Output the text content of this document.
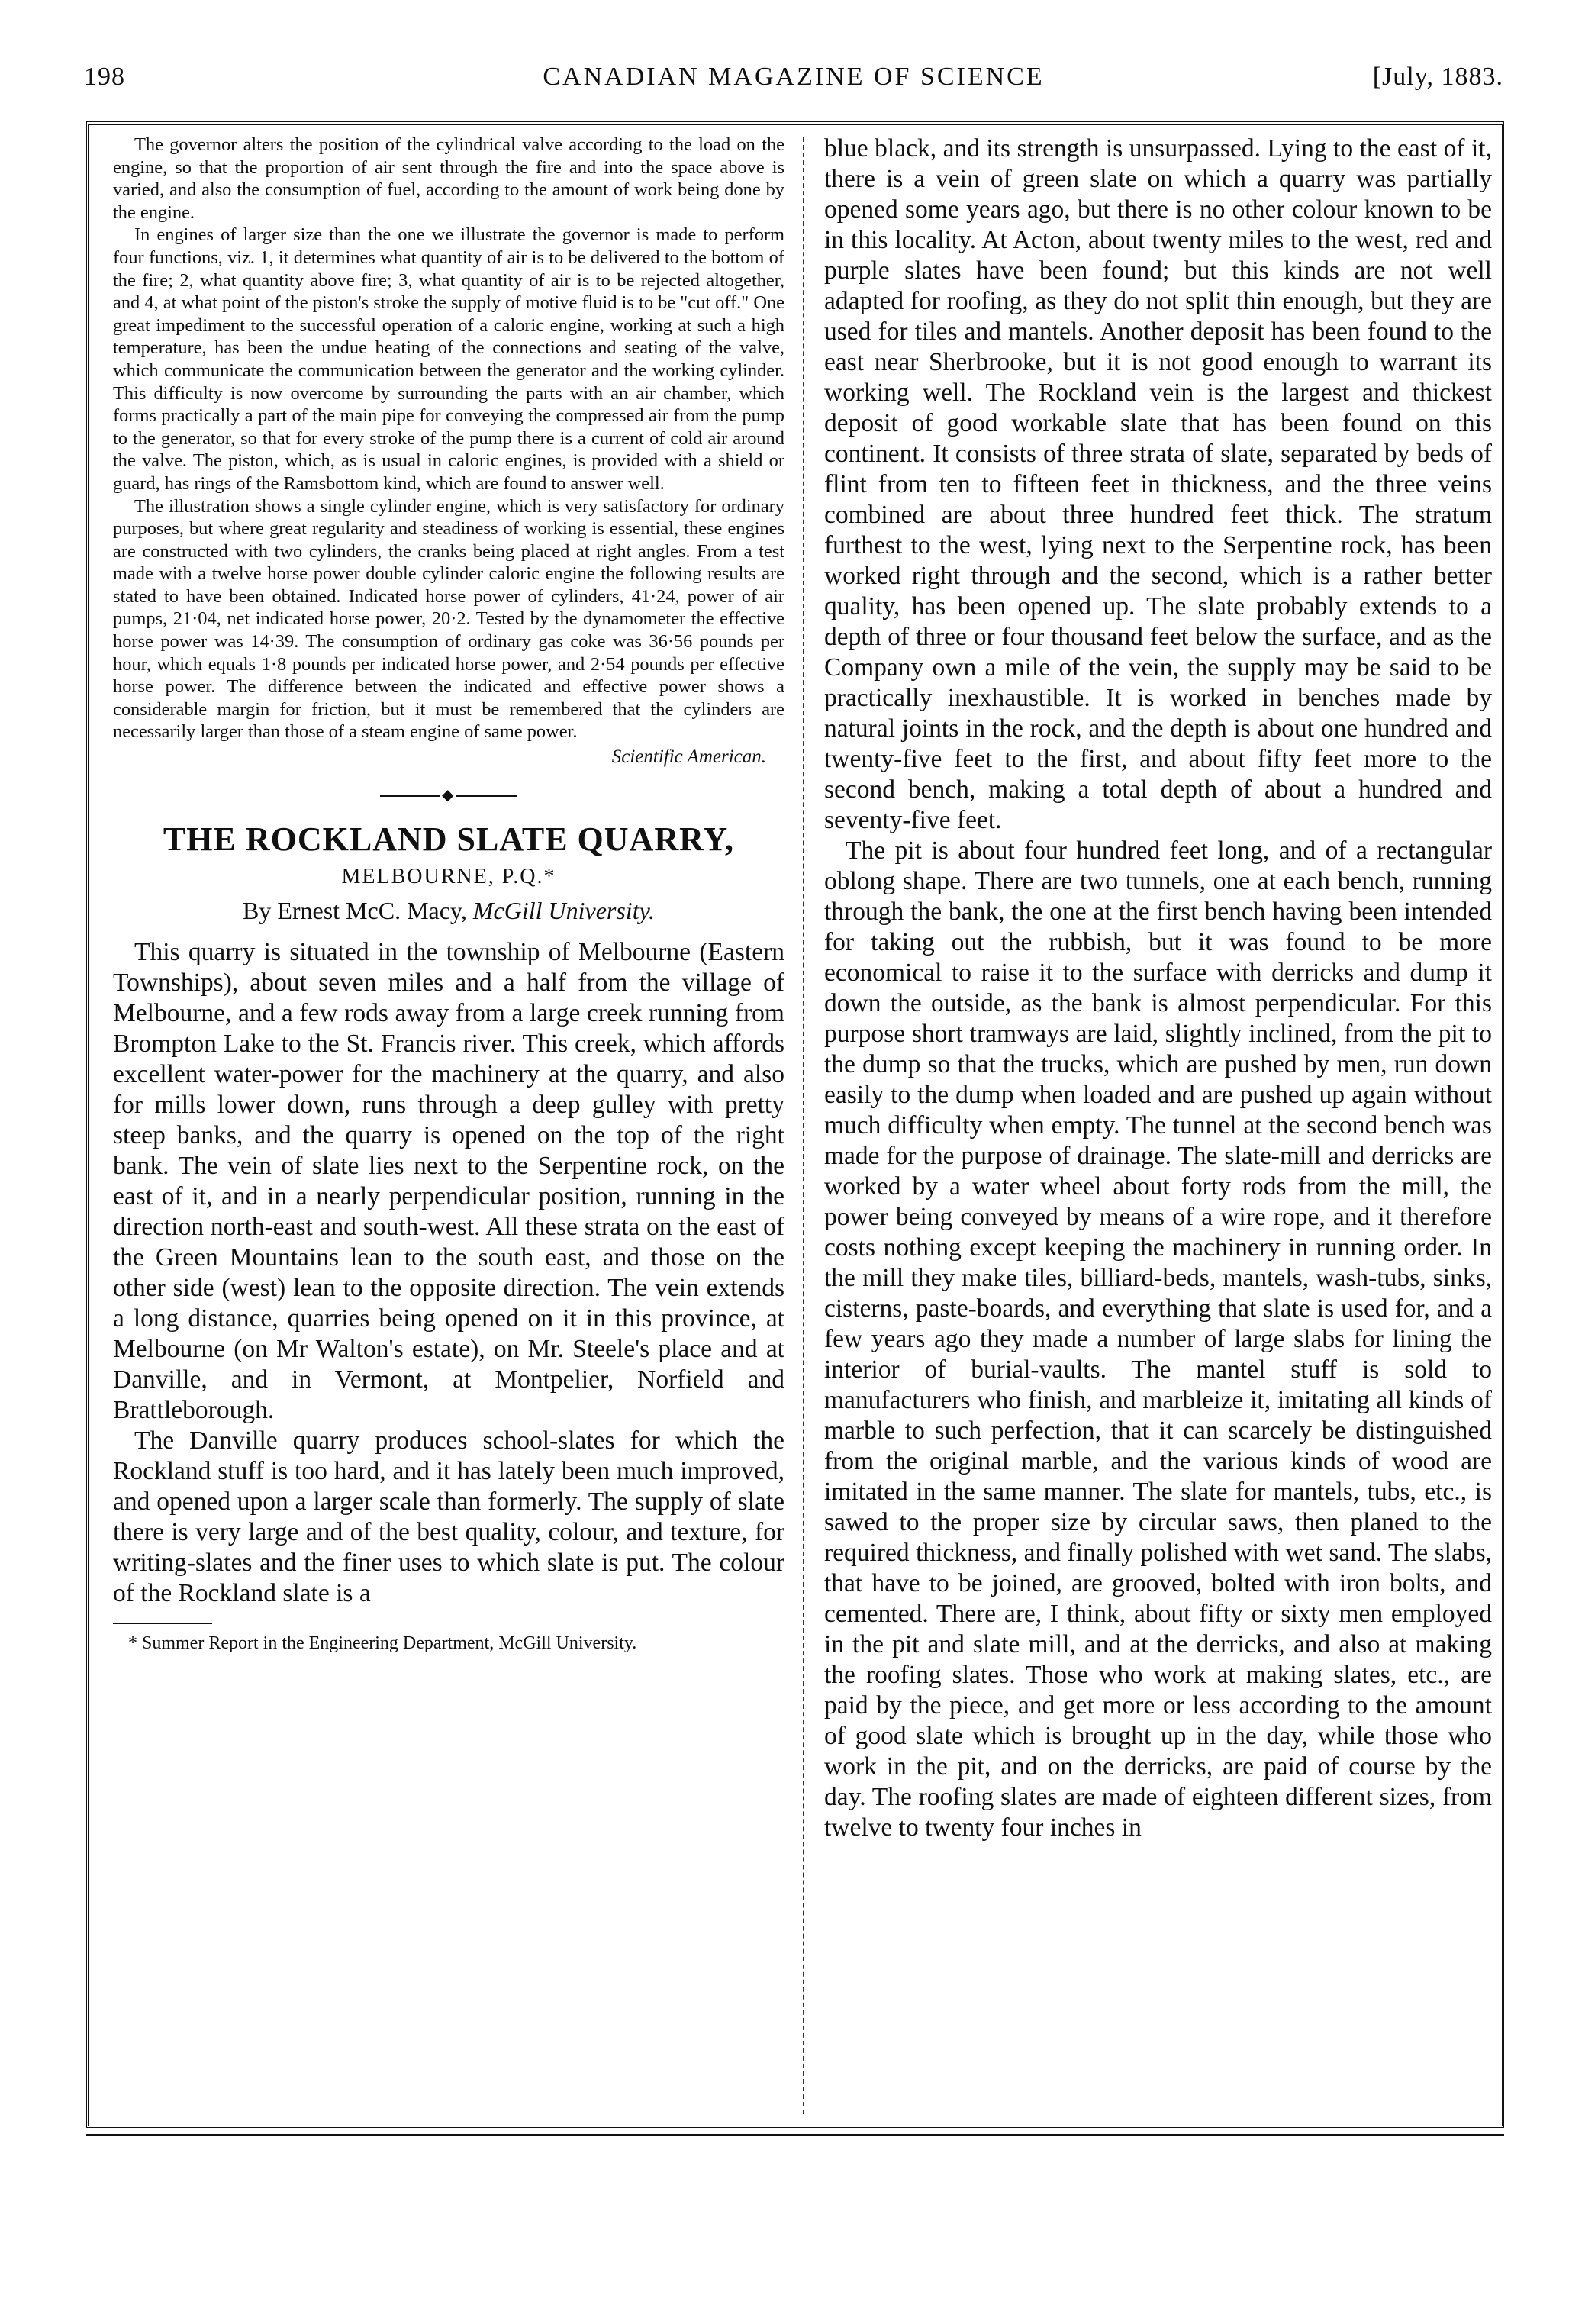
198	CANADIAN MAGAZINE OF SCIENCE	[July, 1883.

The governor alters the position of the cylindrical valve according to the load on the engine, so that the proportion of air sent through the fire and into the space above is varied, and also the consumption of fuel, according to the amount of work being done by the engine.

In engines of larger size than the one we illustrate the governor is made to perform four functions, viz. 1, it determines what quantity of air is to be delivered to the bottom of the fire; 2, what quantity above fire; 3, what quantity of air is to be rejected altogether, and 4, at what point of the piston's stroke the supply of motive fluid is to be "cut off." One great impediment to the successful operation of a caloric engine, working at such a high temperature, has been the undue heating of the connections and seating of the valve, which communicate the communication between the generator and the working cylinder. This difficulty is now overcome by surrounding the parts with an air chamber, which forms practically a part of the main pipe for conveying the compressed air from the pump to the generator, so that for every stroke of the pump there is a current of cold air around the valve. The piston, which, as is usual in caloric engines, is provided with a shield or guard, has rings of the Ramsbottom kind, which are found to answer well.

The illustration shows a single cylinder engine, which is very satisfactory for ordinary purposes, but where great regularity and steadiness of working is essential, these engines are constructed with two cylinders, the cranks being placed at right angles. From a test made with a twelve horse power double cylinder caloric engine the following results are stated to have been obtained. Indicated horse power of cylinders, 41·24, power of air pumps, 21·04, net indicated horse power, 20·2. Tested by the dynamometer the effective horse power was 14·39. The consumption of ordinary gas coke was 36·56 pounds per hour, which equals 1·8 pounds per indicated horse power, and 2·54 pounds per effective horse power. The difference between the indicated and effective power shows a considerable margin for friction, but it must be remembered that the cylinders are necessarily larger than those of a steam engine of same power.

Scientific American.
◆
THE ROCKLAND SLATE QUARRY,
MELBOURNE, P.Q.*
By Ernest McC. Macy, McGill University.

This quarry is situated in the township of Melbourne (Eastern Townships), about seven miles and a half from the village of Melbourne, and a few rods away from a large creek running from Brompton Lake to the St. Francis river. This creek, which affords excellent water-power for the machinery at the quarry, and also for mills lower down, runs through a deep gulley with pretty steep banks, and the quarry is opened on the top of the right bank. The vein of slate lies next to the Serpentine rock, on the east of it, and in a nearly perpendicular position, running in the direction north-east and south-west. All these strata on the east of the Green Mountains lean to the south east, and those on the other side (west) lean to the opposite direction. The vein extends a long distance, quarries being opened on it in this province, at Melbourne (on Mr Walton's estate), on Mr. Steele's place and at Danville, and in Vermont, at Montpelier, Norfield and Brattleborough.

The Danville quarry produces school-slates for which the Rockland stuff is too hard, and it has lately been much improved, and opened upon a larger scale than formerly. The supply of slate there is very large and of the best quality, colour, and texture, for writing-slates and the finer uses to which slate is put. The colour of the Rockland slate is a

* Summer Report in the Engineering Department, McGill University.

blue black, and its strength is unsurpassed. Lying to the east of it, there is a vein of green slate on which a quarry was partially opened some years ago, but there is no other colour known to be in this locality. At Acton, about twenty miles to the west, red and purple slates have been found; but this kinds are not well adapted for roofing, as they do not split thin enough, but they are used for tiles and mantels. Another deposit has been found to the east near Sherbrooke, but it is not good enough to warrant its working well. The Rockland vein is the largest and thickest deposit of good workable slate that has been found on this continent. It consists of three strata of slate, separated by beds of flint from ten to fifteen feet in thickness, and the three veins combined are about three hundred feet thick. The stratum furthest to the west, lying next to the Serpentine rock, has been worked right through and the second, which is a rather better quality, has been opened up. The slate probably extends to a depth of three or four thousand feet below the surface, and as the Company own a mile of the vein, the supply may be said to be practically inexhaustible. It is worked in benches made by natural joints in the rock, and the depth is about one hundred and twenty-five feet to the first, and about fifty feet more to the second bench, making a total depth of about a hundred and seventy-five feet.

The pit is about four hundred feet long, and of a rectangular oblong shape. There are two tunnels, one at each bench, running through the bank, the one at the first bench having been intended for taking out the rubbish, but it was found to be more economical to raise it to the surface with derricks and dump it down the outside, as the bank is almost perpendicular. For this purpose short tramways are laid, slightly inclined, from the pit to the dump so that the trucks, which are pushed by men, run down easily to the dump when loaded and are pushed up again without much difficulty when empty. The tunnel at the second bench was made for the purpose of drainage. The slate-mill and derricks are worked by a water wheel about forty rods from the mill, the power being conveyed by means of a wire rope, and it therefore costs nothing except keeping the machinery in running order. In the mill they make tiles, billiard-beds, mantels, wash-tubs, sinks, cisterns, paste-boards, and everything that slate is used for, and a few years ago they made a number of large slabs for lining the interior of burial-vaults. The mantel stuff is sold to manufacturers who finish, and marbleize it, imitating all kinds of marble to such perfection, that it can scarcely be distinguished from the original marble, and the various kinds of wood are imitated in the same manner. The slate for mantels, tubs, etc., is sawed to the proper size by circular saws, then planed to the required thickness, and finally polished with wet sand. The slabs, that have to be joined, are grooved, bolted with iron bolts, and cemented. There are, I think, about fifty or sixty men employed in the pit and slate mill, and at the derricks, and also at making the roofing slates. Those who work at making slates, etc., are paid by the piece, and get more or less according to the amount of good slate which is brought up in the day, while those who work in the pit, and on the derricks, are paid of course by the day. The roofing slates are made of eighteen different sizes, from twelve to twenty four inches in
